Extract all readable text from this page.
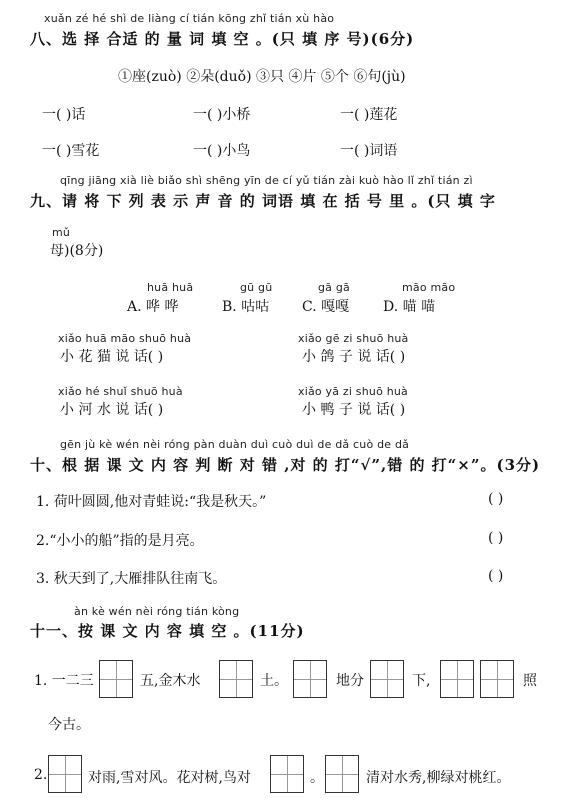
xuǎn zé hé shì de liàng cí tián kōng zhǐ tián xù hào
八、选 择 合适 的 量 词 填 空 。(只 填 序 号)(6分)
①座(zuò) ②朵(duǒ) ③只 ④片 ⑤个 ⑥句(jù)
一( )话	一( )小桥	一( )莲花
一( )雪花	一( )小鸟	一( )词语
qīng jiāng xià liè biǎo shì shēng yīn de cí yǔ tián zài kuò hào lǐ zhǐ tián zì
九、请 将 下 列 表 示 声 音 的 词语 填 在 括 号 里 。(只 填 字
mǔ
母)(8分)
huā huā	gū gū	gā gā	māo māo
A. 哗 哗	B. 咕咕 C. 嘎嘎 D. 喵 喵
xiǎo huā māo shuō huà
小 花 猫 说 话( )
xiǎo gē zi shuō huà
小 鸽 子 说 话( )
xiǎo hé shuǐ shuō huà
小 河 水 说 话( )
xiǎo yā zi shuō huà
小 鸭 子 说 话( )
gēn jù kè wén nèi róng pàn duàn duì cuò duì de dǎ cuò de dǎ
十、根 据 课 文 内 容 判 断 对 错 ,对 的 打“√”,错 的 打“×”。(3分)
1. 荷叶圆圆,他对青蛙说:“我是秋天。”	( )
2.“小小的船”指的是月亮。	( )
3. 秋天到了,大雁排队往南飞。	( )
àn kè wén nèi róng tián kòng
十一、按 课 文 内 容 填 空 。(11分)
1. 一二三	五,金木水	土。	地分	下,	照
今古。
2.	对雨,雪对风。花对树,鸟对	。	清对水秀,柳绿对桃红。
